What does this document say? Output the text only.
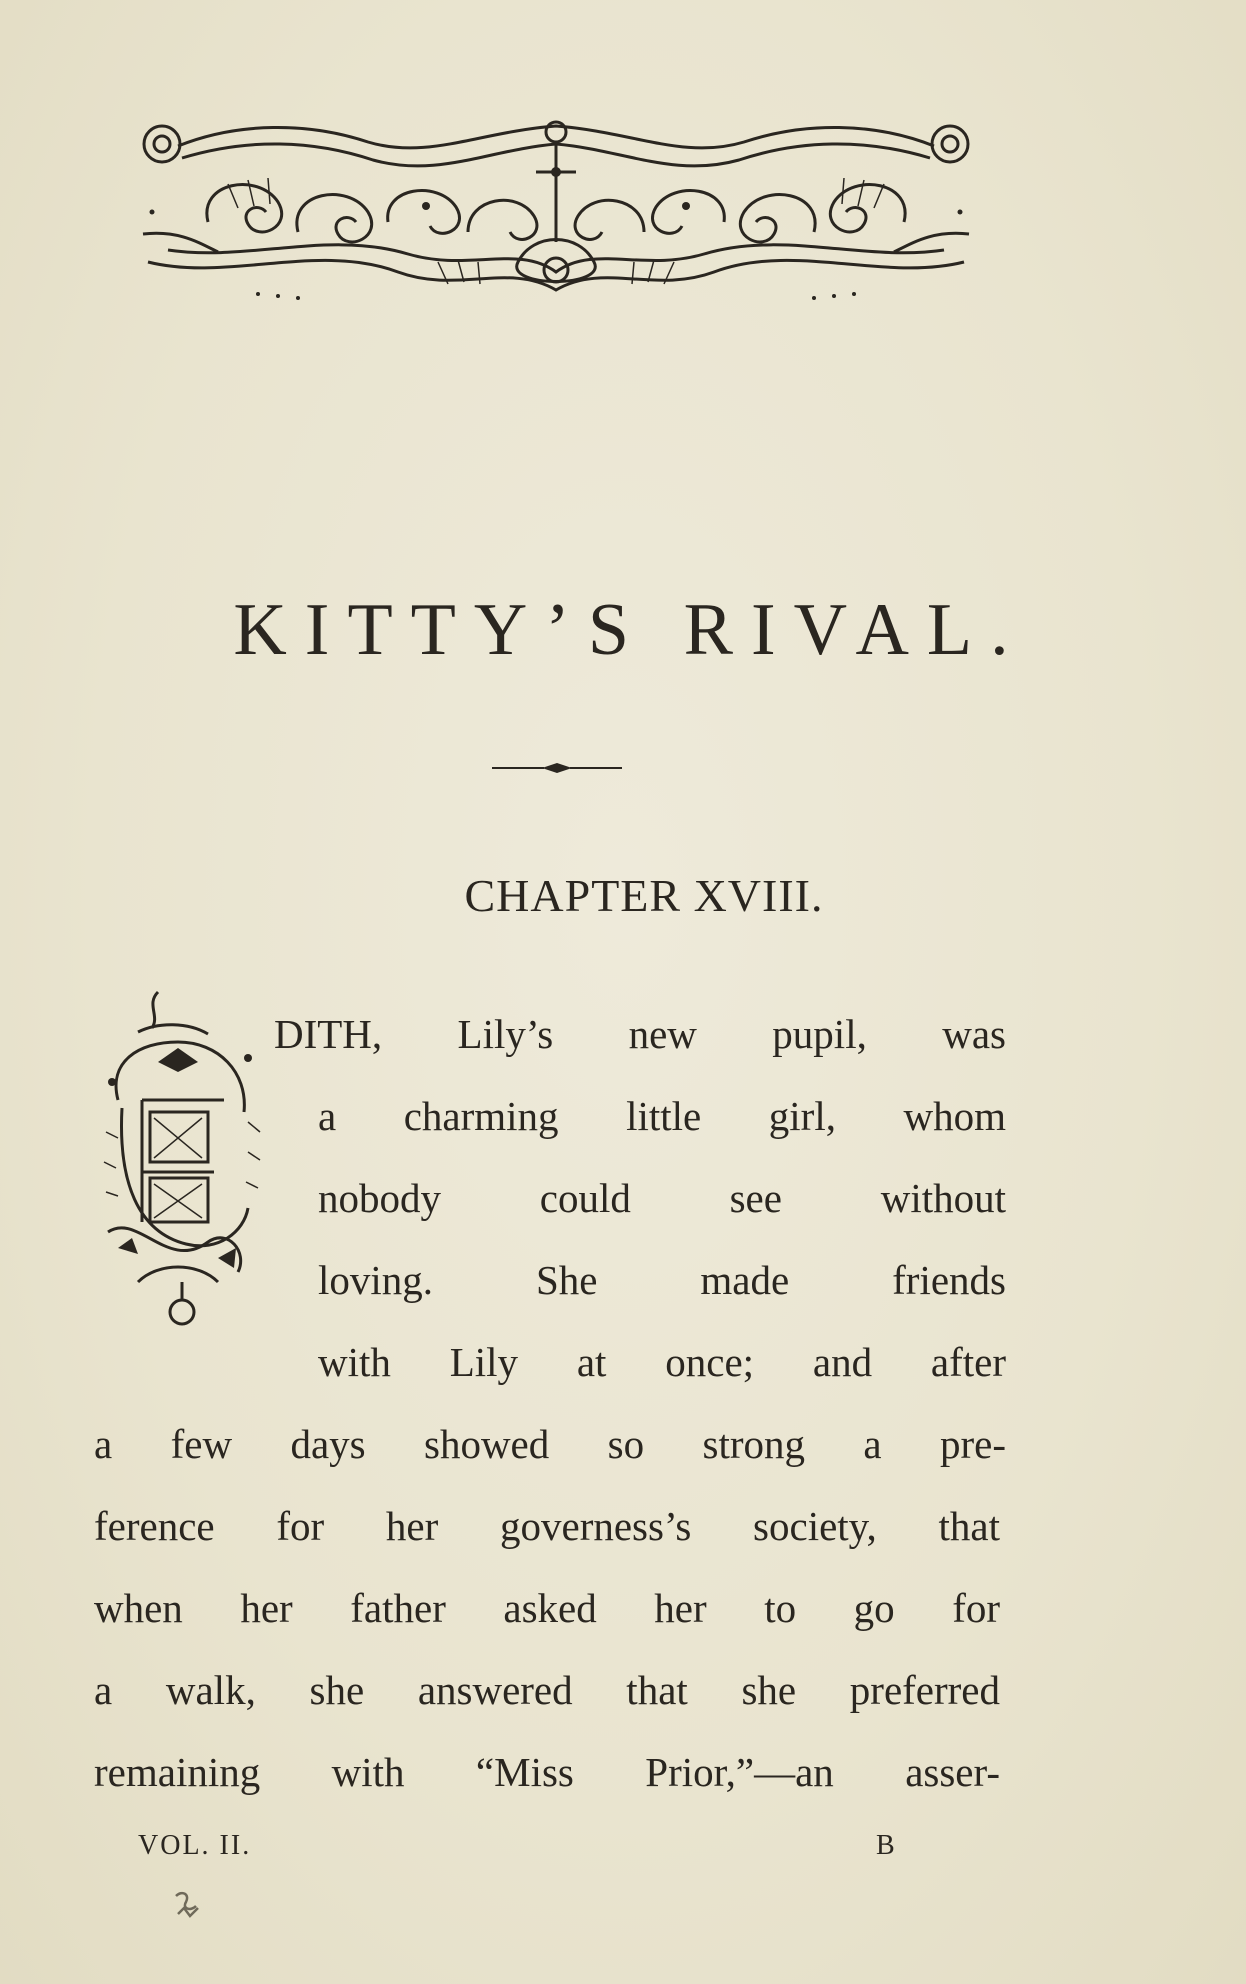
KITTY’S RIVAL.
CHAPTER XVIII.

DITH, Lily’s new pupil, was

a charming little girl, whom

nobody could see without

loving. She made friends

with Lily at once; and after

a few days showed so strong a pre-

ference for her governess’s society, that

when her father asked her to go for

a walk, she answered that she preferred

remaining with “Miss Prior,”—an asser-

VOL. II.	B
